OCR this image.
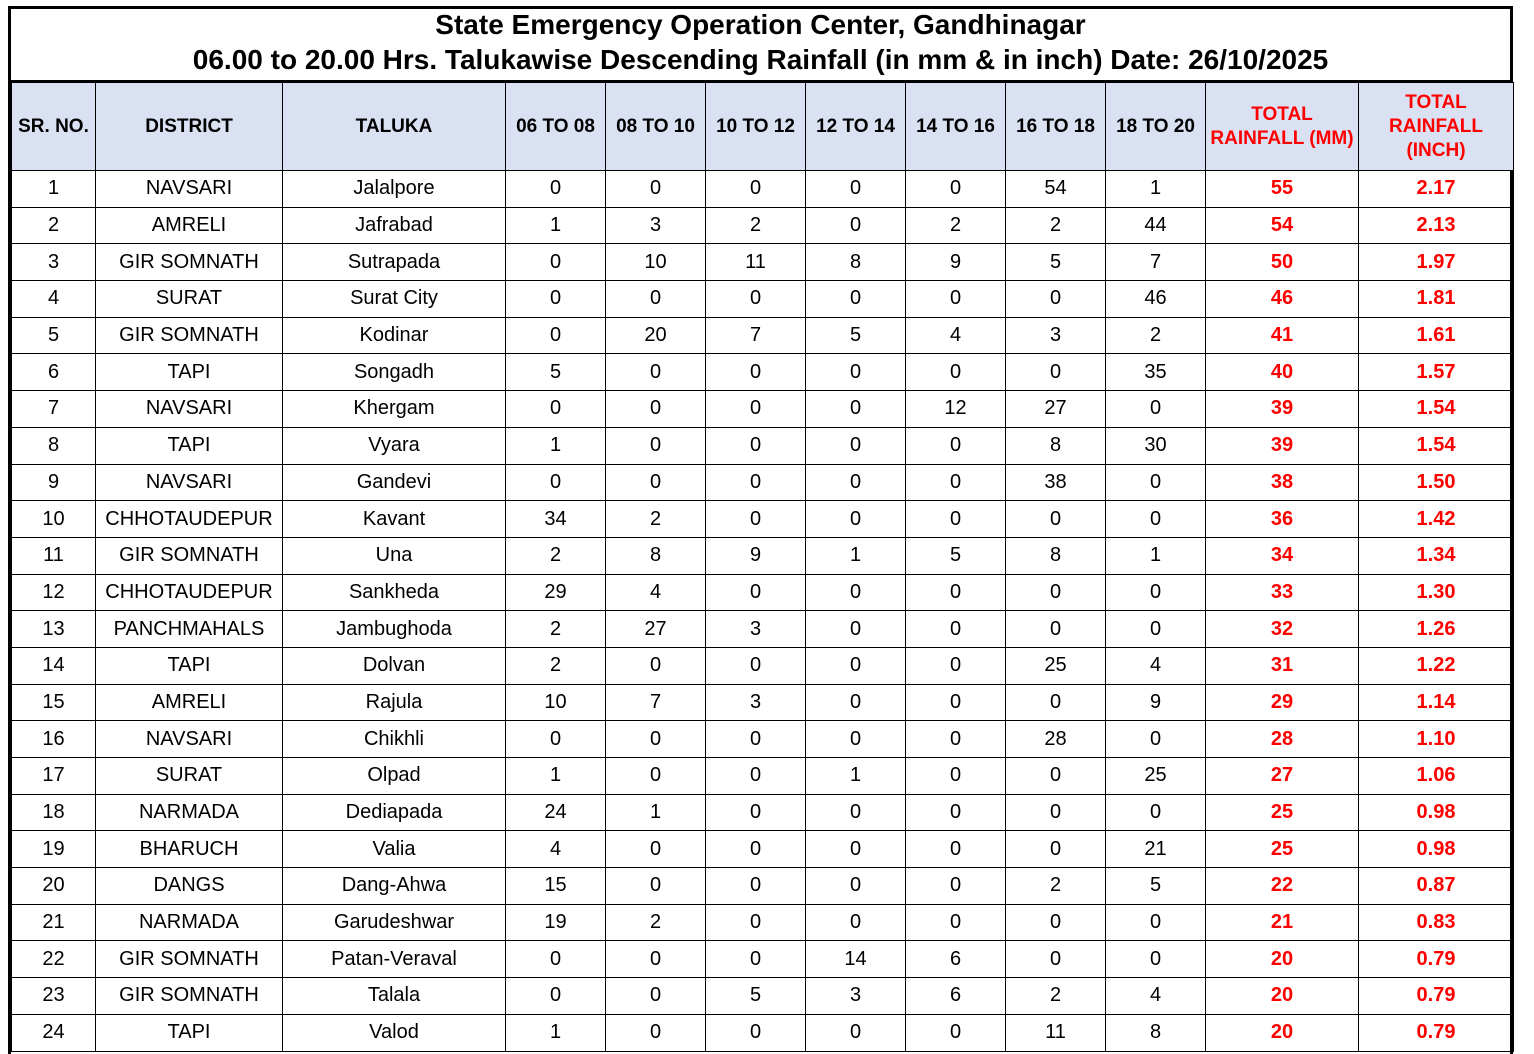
State Emergency Operation Center, Gandhinagar
06.00 to 20.00 Hrs. Talukawise Descending Rainfall (in mm & in inch) Date: 26/10/2025
SR. NO.	DISTRICT	TALUKA	06 TO 08	08 TO 10	10 TO 12	12 TO 14	14 TO 16	16 TO 18	18 TO 20	TOTAL RAINFALL (MM)	TOTAL RAINFALL (INCH)
1	NAVSARI	Jalalpore	0	0	0	0	0	54	1	55	2.17
2	AMRELI	Jafrabad	1	3	2	0	2	2	44	54	2.13
3	GIR SOMNATH	Sutrapada	0	10	11	8	9	5	7	50	1.97
4	SURAT	Surat City	0	0	0	0	0	0	46	46	1.81
5	GIR SOMNATH	Kodinar	0	20	7	5	4	3	2	41	1.61
6	TAPI	Songadh	5	0	0	0	0	0	35	40	1.57
7	NAVSARI	Khergam	0	0	0	0	12	27	0	39	1.54
8	TAPI	Vyara	1	0	0	0	0	8	30	39	1.54
9	NAVSARI	Gandevi	0	0	0	0	0	38	0	38	1.50
10	CHHOTAUDEPUR	Kavant	34	2	0	0	0	0	0	36	1.42
11	GIR SOMNATH	Una	2	8	9	1	5	8	1	34	1.34
12	CHHOTAUDEPUR	Sankheda	29	4	0	0	0	0	0	33	1.30
13	PANCHMAHALS	Jambughoda	2	27	3	0	0	0	0	32	1.26
14	TAPI	Dolvan	2	0	0	0	0	25	4	31	1.22
15	AMRELI	Rajula	10	7	3	0	0	0	9	29	1.14
16	NAVSARI	Chikhli	0	0	0	0	0	28	0	28	1.10
17	SURAT	Olpad	1	0	0	1	0	0	25	27	1.06
18	NARMADA	Dediapada	24	1	0	0	0	0	0	25	0.98
19	BHARUCH	Valia	4	0	0	0	0	0	21	25	0.98
20	DANGS	Dang-Ahwa	15	0	0	0	0	2	5	22	0.87
21	NARMADA	Garudeshwar	19	2	0	0	0	0	0	21	0.83
22	GIR SOMNATH	Patan-Veraval	0	0	0	14	6	0	0	20	0.79
23	GIR SOMNATH	Talala	0	0	5	3	6	2	4	20	0.79
24	TAPI	Valod	1	0	0	0	0	11	8	20	0.79
